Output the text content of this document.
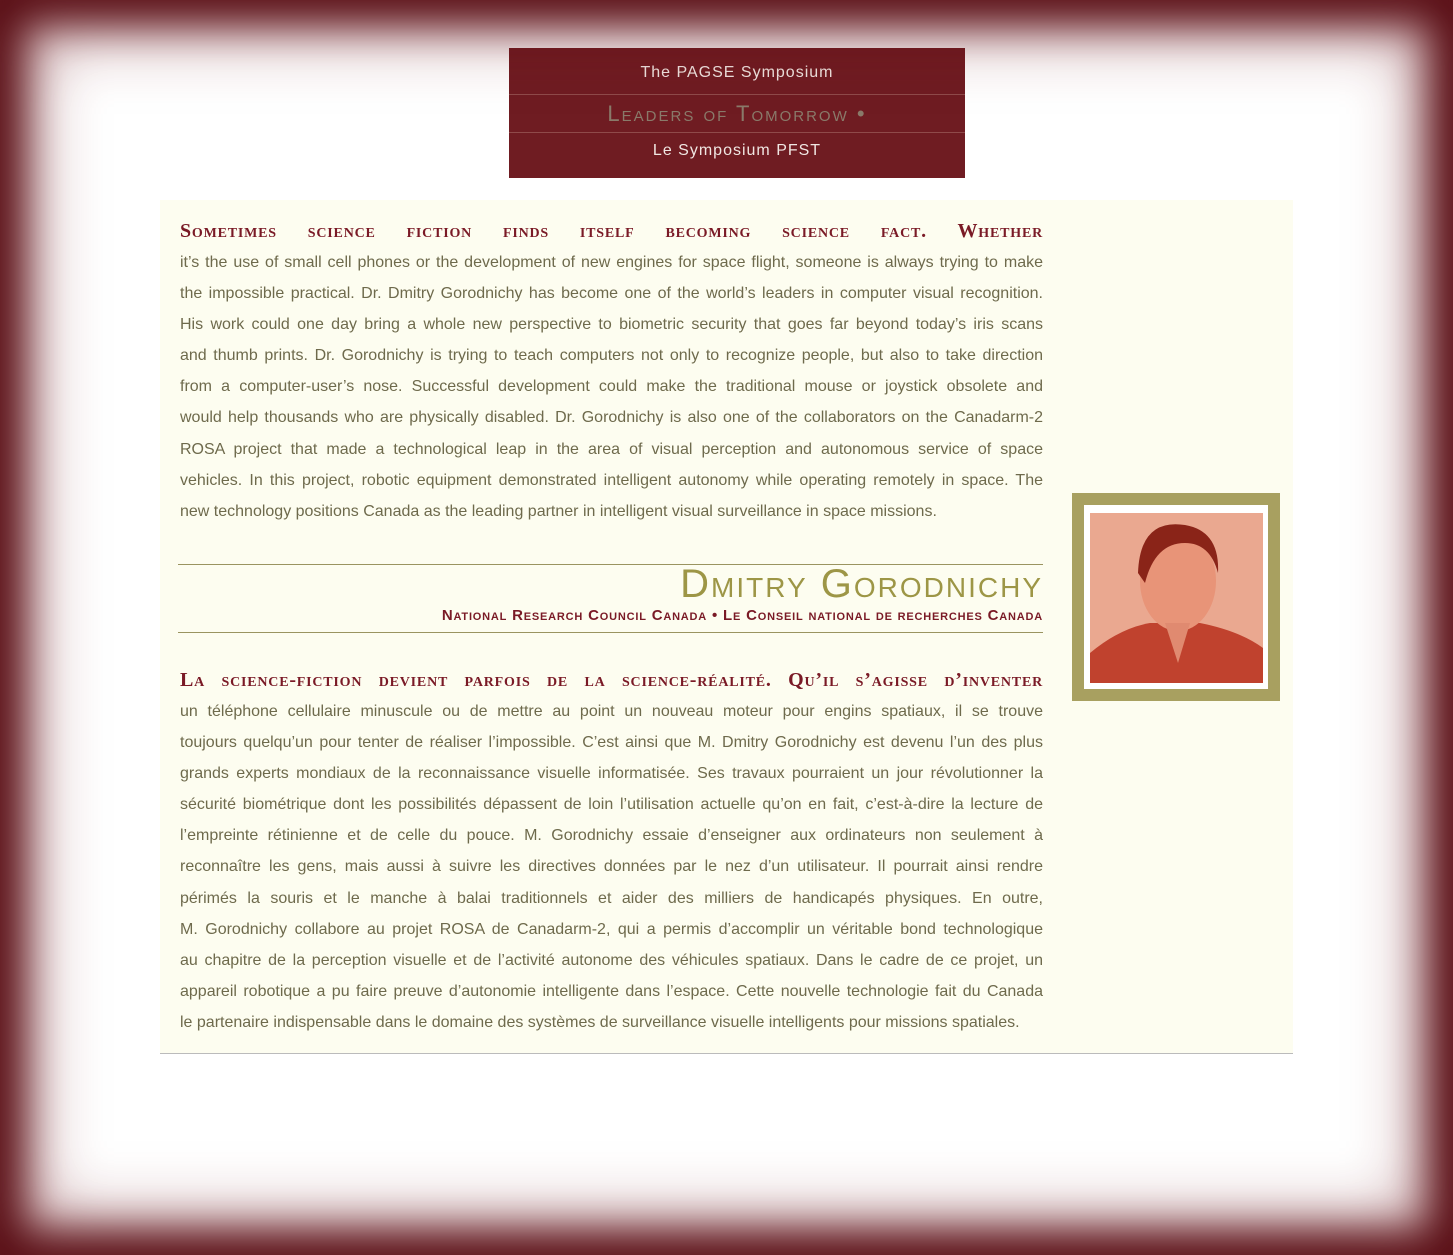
The PAGSE Symposium
Leaders of Tomorrow •
Le Symposium PFST
Sometimes science fiction finds itself becoming science fact. Whether
it’s the use of small cell phones or the development of new engines for space flight, someone is always trying to make
the impossible practical. Dr. Dmitry Gorodnichy has become one of the world’s leaders in computer visual recognition.
His work could one day bring a whole new perspective to biometric security that goes far beyond today’s iris scans
and thumb prints. Dr. Gorodnichy is trying to teach computers not only to recognize people, but also to take direction
from a computer-user’s nose. Successful development could make the traditional mouse or joystick obsolete and
would help thousands who are physically disabled. Dr. Gorodnichy is also one of the collaborators on the Canadarm-2
ROSA project that made a technological leap in the area of visual perception and autonomous service of space
vehicles. In this project, robotic equipment demonstrated intelligent autonomy while operating remotely in space. The
new technology positions Canada as the leading partner in intelligent visual surveillance in space missions.
Dmitry Gorodnichy
National Research Council Canada • Le Conseil national de recherches Canada
La science-fiction devient parfois de la science-réalité. Qu’il s’agisse d’inventer
un téléphone cellulaire minuscule ou de mettre au point un nouveau moteur pour engins spatiaux, il se trouve
toujours quelqu’un pour tenter de réaliser l’impossible. C’est ainsi que M. Dmitry Gorodnichy est devenu l’un des plus
grands experts mondiaux de la reconnaissance visuelle informatisée. Ses travaux pourraient un jour révolutionner la
sécurité biométrique dont les possibilités dépassent de loin l’utilisation actuelle qu’on en fait, c’est-à-dire la lecture de
l’empreinte rétinienne et de celle du pouce. M. Gorodnichy essaie d’enseigner aux ordinateurs non seulement à
reconnaître les gens, mais aussi à suivre les directives données par le nez d’un utilisateur. Il pourrait ainsi rendre
périmés la souris et le manche à balai traditionnels et aider des milliers de handicapés physiques. En outre,
M. Gorodnichy collabore au projet ROSA de Canadarm-2, qui a permis d’accomplir un véritable bond technologique
au chapitre de la perception visuelle et de l’activité autonome des véhicules spatiaux. Dans le cadre de ce projet, un
appareil robotique a pu faire preuve d’autonomie intelligente dans l’espace. Cette nouvelle technologie fait du Canada
le partenaire indispensable dans le domaine des systèmes de surveillance visuelle intelligents pour missions spatiales.
